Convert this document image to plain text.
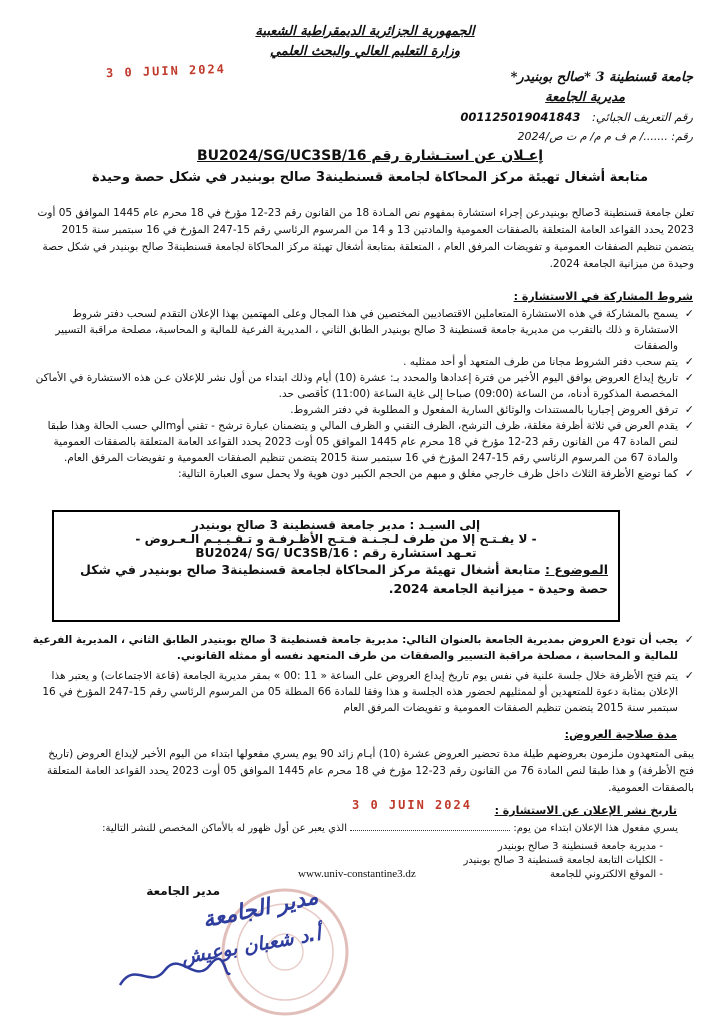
الجمهورية الجزائرية الديمقراطية الشعبية
وزارة التعليم العالي والبحث العلمي
3 0 JUIN 2024	جامعة قسنطينة 3 *صالح بوبنيدر*
مديرية الجامعة
رقم التعريف الجبائي: 001125019041843
رقم: ......./ م ف م م/ م ت ص/2024
إعـلان عن استـشارة رقم BU2024/SG/UC3SB/16
متابعة أشغال تهيئة مركز المحاكاة لجامعة قسنطينة3 صالح بوبنيدر في شكل حصة وحيدة
تعلن جامعة قسنطينة 3صالح بوبنيدرعن إجراء استشارة بمفهوم نص المـادة 18 من القانون رقم 23-12 مؤرخ في 18 محرم عام 1445 الموافق 05 أوت 2023 يحدد القواعد العامة المتعلقة بالصفقات العمومية والمادتين 13 و 14 من المرسوم الرئاسي رقم 15-247 المؤرخ في 16 سبتمبر سنة 2015 يتضمن تنظيم الصفقات العمومية و تفويضات المرفق العام ، المتعلقة بمتابعة أشغال تهيئة مركز المحاكاة لجامعة قسنطينة3 صالح بوبنيدر في شكل حصة وحيدة من ميزانية الجامعة 2024.
شروط المشاركة في الاستشارة :
✓ يسمح بالمشاركة في هذه الاستشارة المتعاملين الاقتصاديين المختصين في هذا المجال وعلى المهتمين بهذا الإعلان التقدم لسحب دفتر شروط الاستشارة و ذلك بالتقرب من مديرية جامعة قسنطينة 3 صالح بوبنيدر الطابق الثاني ، المديرية الفرعية للمالية و المحاسبة، مصلحة مراقبة التسيير والصفقات
✓ يتم سحب دفتر الشروط مجانا من طرف المتعهد أو أحد ممثليه .
✓ تاريخ إيداع العروض يوافق اليوم الأخير من فترة إعدادها والمحدد بـ: عشرة (10) أيام وذلك ابتداء من أول نشر للإعلان عـن هذه الاستشارة في الأماكن المخصصة المذكورة أدناه، من الساعة (09:00) صباحا إلى غاية الساعة (11:00) كأقصى حد.
✓ ترفق العروض إجباريا بالمستندات والوثائق السارية المفعول و المطلوبة في دفتر الشروط.
✓ يقدم العرض في ثلاثة أظرفة مغلقة، ظرف الترشح، الظرف التقني و الظرف المالي و يتضمنان عبارة ترشح - تقني أوmالي حسب الحالة وهذا طبقا لنص المادة 47 من القانون رقم 23-12 مؤرخ في 18 محرم عام 1445 الموافق 05 أوت 2023 يحدد القواعد العامة المتعلقة بالصفقات العمومية والمادة 67 من المرسوم الرئاسي رقم 15-247 المؤرخ في 16 سبتمبر سنة 2015 يتضمن تنظيم الصفقات العمومية و تفويضات المرفق العام.
✓ كما توضع الأظرفة الثلاث داخل ظرف خارجي مغلق و مبهم من الحجم الكبير دون هوية ولا يحمل سوى العبارة التالية:
إلى السيـد : مدير جامعة قسنطينة 3 صالح بوبنيدر
- لا يفـتـح إلا من طرف لـجـنـة فـتـح الأظـرفـة و تـقـيـيـم الـعـروض -
تعـهد استشارة رقم : BU2024/ SG/ UC3SB/16
الموضوع : متابعة أشغال تهيئة مركز المحاكاة لجامعة قسنطينة3 صالح بوبنيدر في شكل حصة وحيدة - ميزانية الجامعة 2024.
✓ يجب أن تودع العروض بمديرية الجامعة بالعنوان التالي: مديرية جامعة قسنطينة 3 صالح بوبنيدر الطابق الثاني ، المديرية الفرعية للمالية و المحاسبة ، مصلحة مراقبة التسيير والصفقات من طرف المتعهد نفسه أو ممثله القانوني.
✓ يتم فتح الأظرفة خلال جلسة علنية في نفس يوم تاريخ إيداع العروض على الساعة « 11 :00 » بمقر مديرية الجامعة (قاعة الاجتماعات) و يعتبر هذا الإعلان بمثابة دعوة للمتعهدين أو لممثليهم لحضور هذه الجلسة و هذا وفقا للمادة 66 المطلة 05 من المرسوم الرئاسي رقم 15-247 المؤرخ في 16 سبتمبر سنة 2015 يتضمن تنظيم الصفقات العمومية و تفويضات المرفق العام
مدة صلاحية العروض:
يبقى المتعهدون ملزمون بعروضهم طيلة مدة تحضير العروض عشرة (10) أيـام زائد 90 يوم يسري مفعولها ابتداء من اليوم الأخير لإيداع العروض (تاريخ فتح الأظرفة) و هذا طبقا لنص المادة 76 من القانون رقم 23-12 مؤرخ في 18 محرم عام 1445 الموافق 05 أوت 2023 يحدد القواعد العامة المتعلقة بالصفقات العمومية.
3 0 JUIN 2024	تاريخ نشر الإعلان عن الاستشارة :
يسري مفعول هذا الإعلان ابتداء من يوم:  الذي يعبر عن أول ظهور له بالأماكن المخصص للنشر التالية:
- مديرية جامعة قسنطينة 3 صالح بوبنيدر
- الكليات التابعة لجامعة قسنطينة 3 صالح بوبنيدر
- الموقع الالكتروني للجامعة
www.univ-constantine3.dz
مدير الجامعة
مدير الجامعة
أ.د شعبان بوعيش
